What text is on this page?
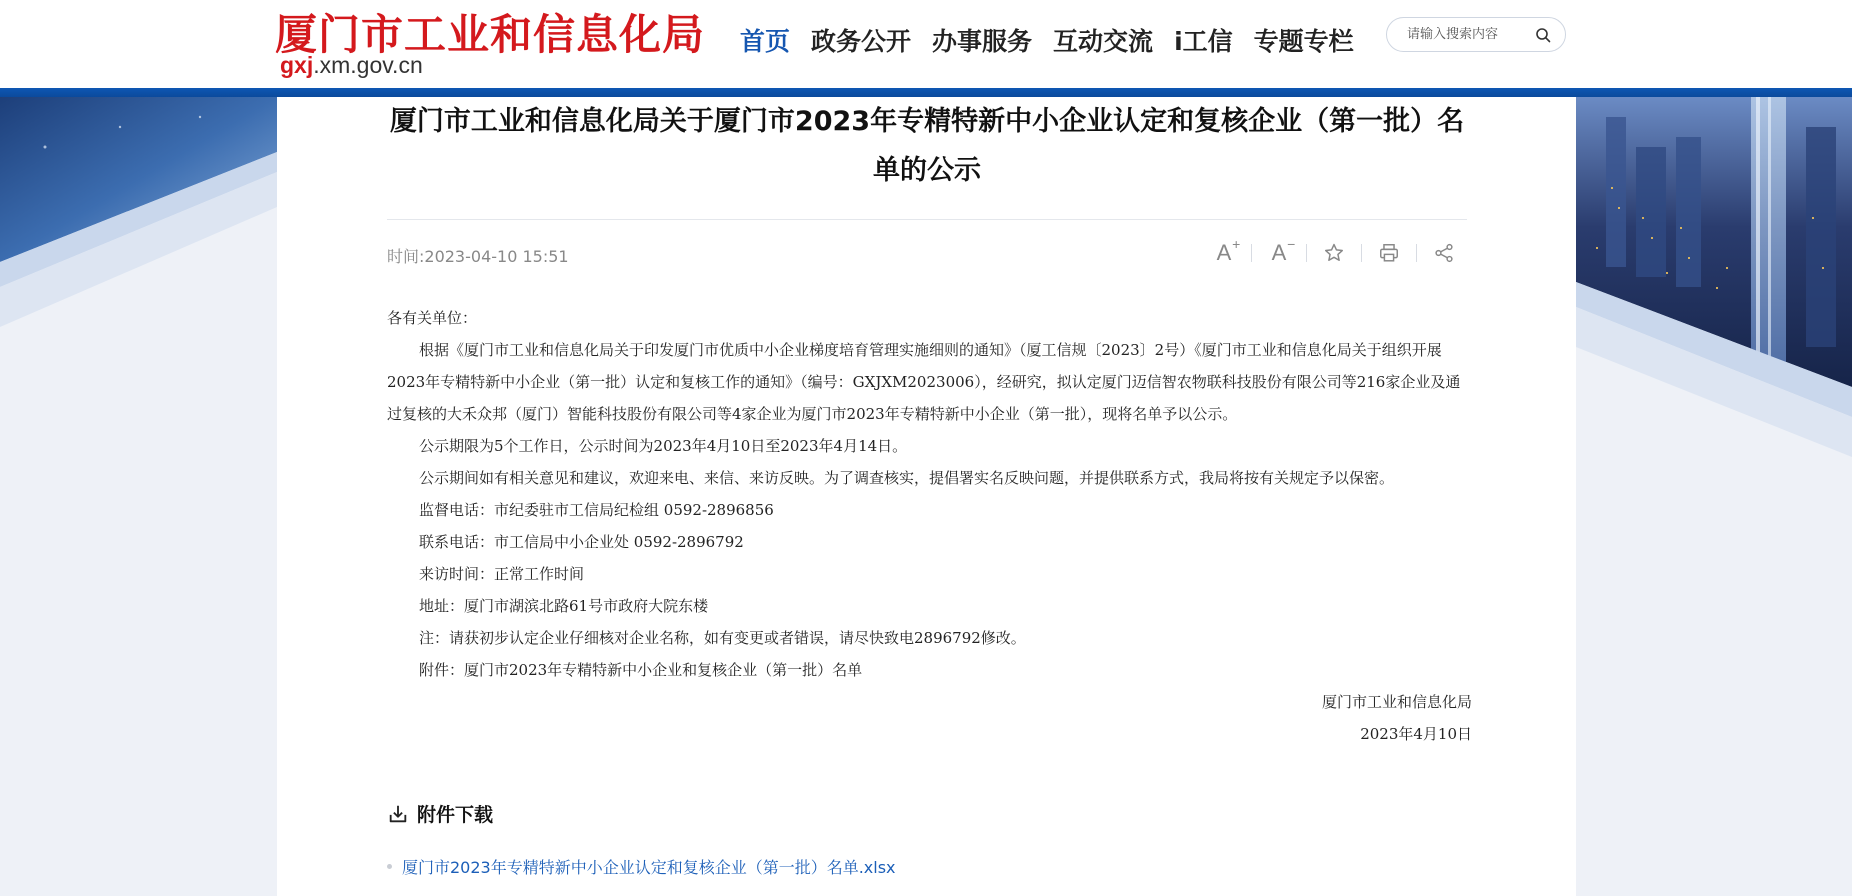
厦门市工业和信息化局
gxj.xm.gov.cn
首页 政务公开 办事服务 互动交流 i工信 专题专栏
请输入搜索内容
厦门市工业和信息化局关于厦门市2023年专精特新中小企业认定和复核企业（第一批）名单的公示
时间:2023-04-10 15:51	A + A −

各有关单位：

根据《厦门市工业和信息化局关于印发厦门市优质中小企业梯度培育管理实施细则的通知》（厦工信规〔2023〕2号）《厦门市工业和信息化局关于组织开展2023年专精特新中小企业（第一批）认定和复核工作的通知》（编号：GXJXM2023006），经研究，拟认定厦门迈信智农物联科技股份有限公司等216家企业及通过复核的大禾众邦（厦门）智能科技股份有限公司等4家企业为厦门市2023年专精特新中小企业（第一批），现将名单予以公示。

公示期限为5个工作日，公示时间为2023年4月10日至2023年4月14日。

公示期间如有相关意见和建议，欢迎来电、来信、来访反映。为了调查核实，提倡署实名反映问题，并提供联系方式，我局将按有关规定予以保密。

监督电话：市纪委驻市工信局纪检组 0592-2896856

联系电话：市工信局中小企业处 0592-2896792

来访时间：正常工作时间

地址：厦门市湖滨北路61号市政府大院东楼

注：请获初步认定企业仔细核对企业名称，如有变更或者错误，请尽快致电2896792修改。

附件：厦门市2023年专精特新中小企业和复核企业（第一批）名单

厦门市工业和信息化局

2023年4月10日

附件下载
厦门市2023年专精特新中小企业认定和复核企业（第一批）名单.xlsx
